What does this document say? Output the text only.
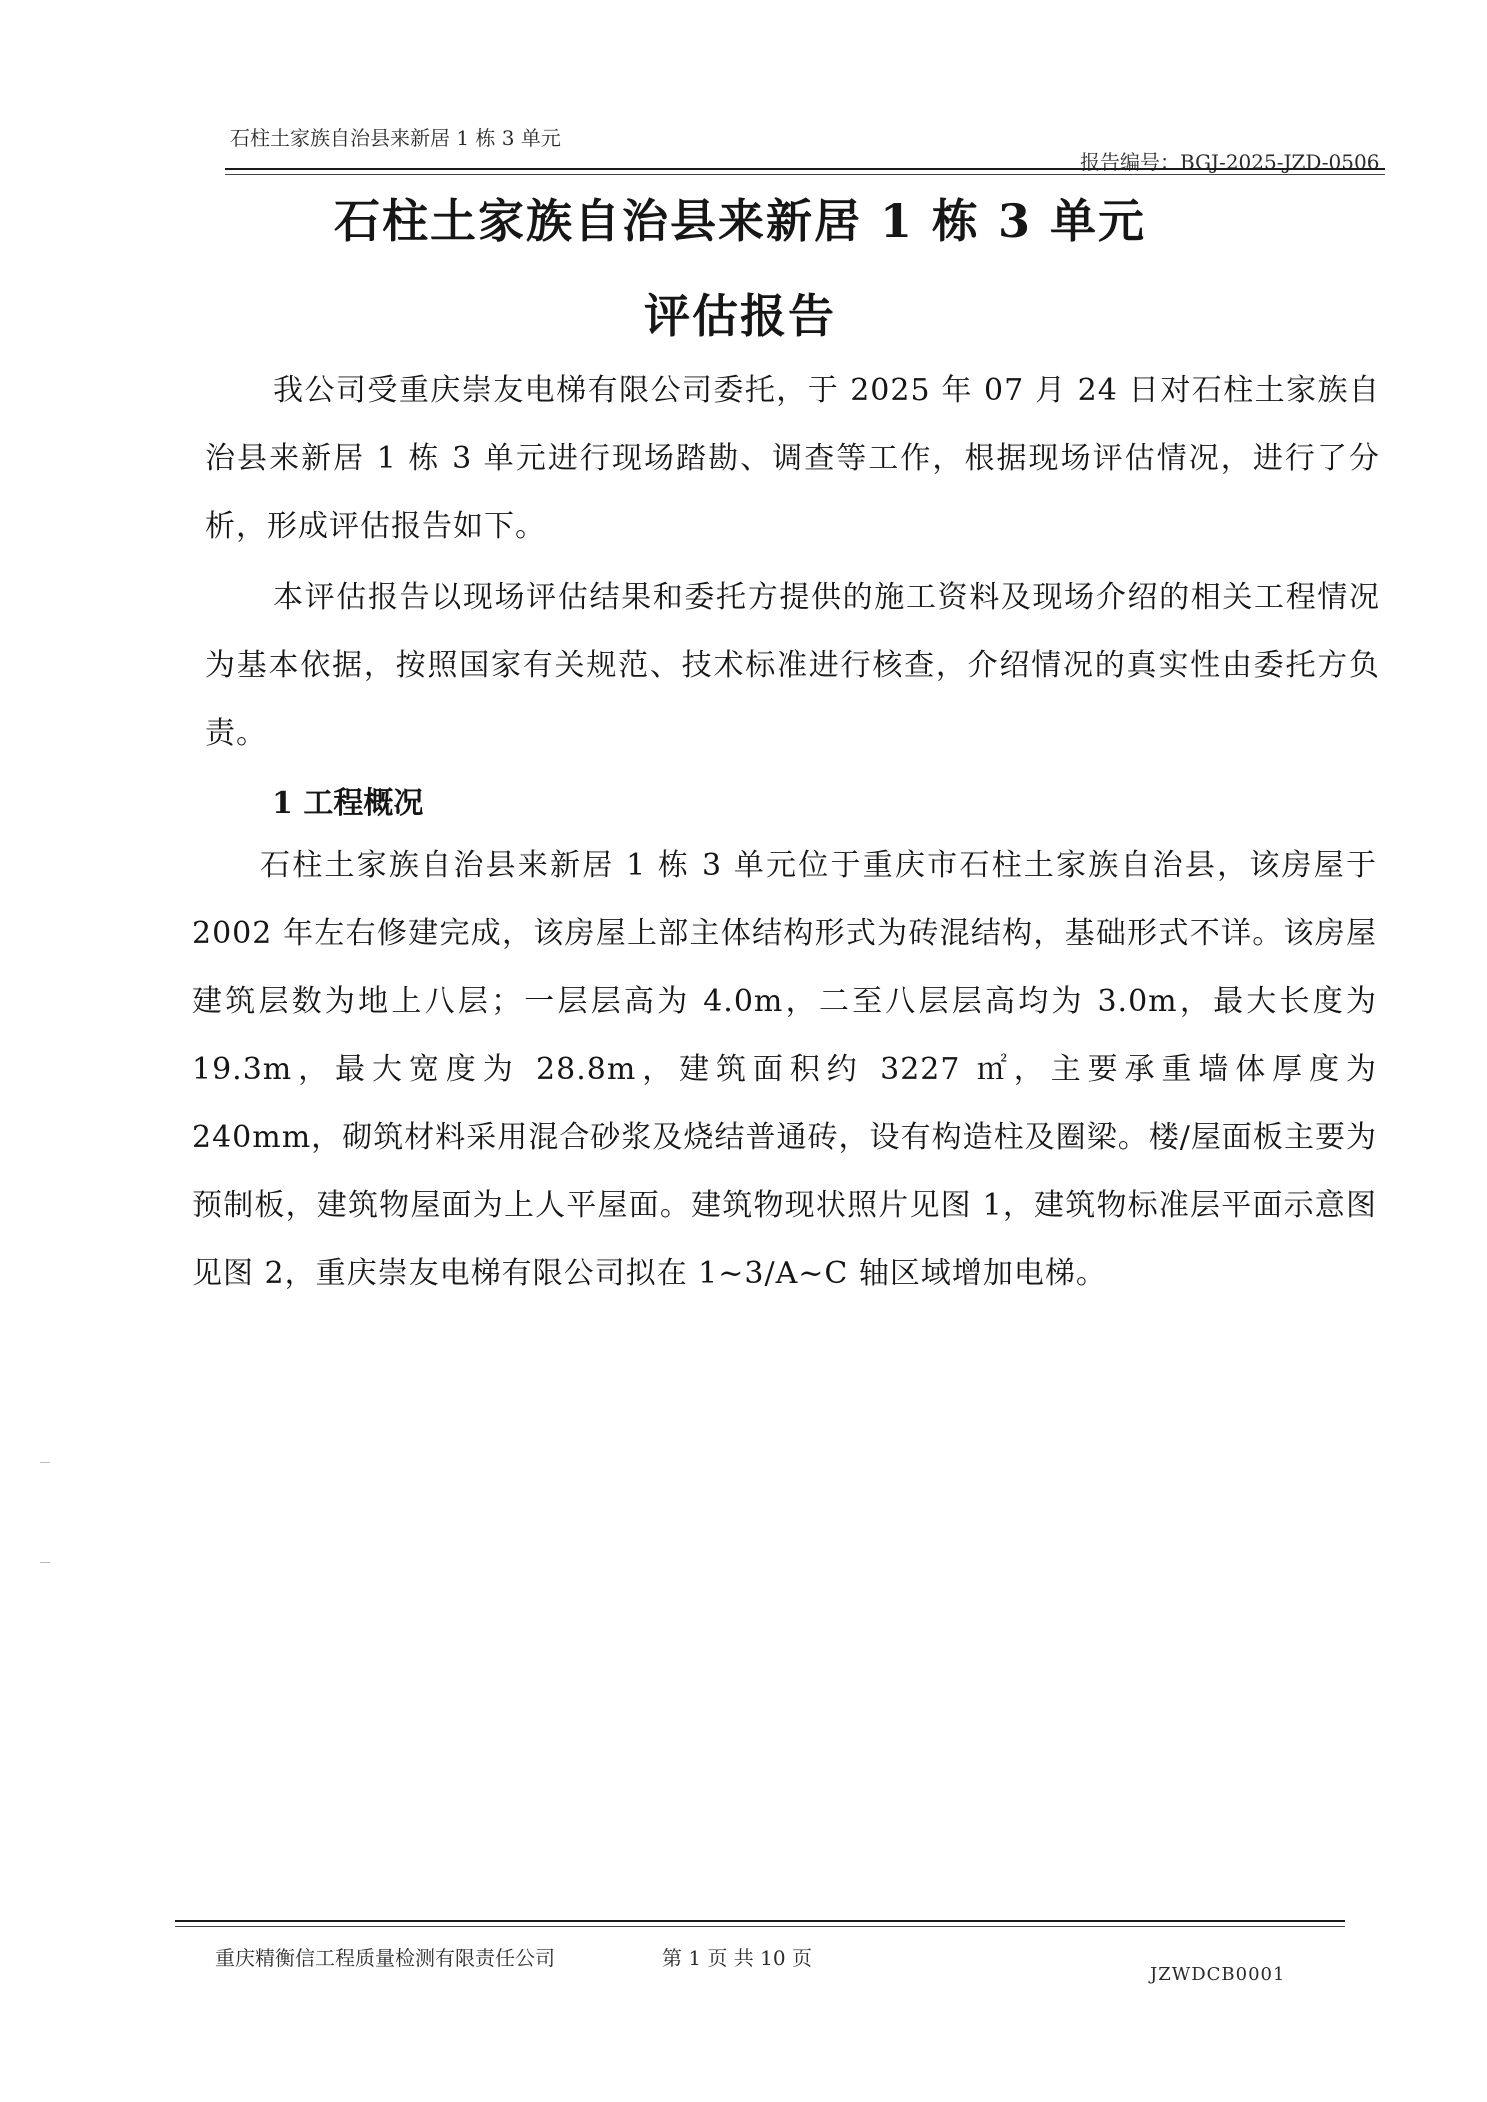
石柱土家族自治县来新居 1 栋 3 单元
报告编号：BGJ-2025-JZD-0506
石柱土家族自治县来新居 1 栋 3 单元
评估报告
我公司受重庆崇友电梯有限公司委托，于 2025 年 07 月 24 日对石柱土家族自治县来新居 1 栋 3 单元进行现场踏勘、调查等工作，根据现场评估情况，进行了分析，形成评估报告如下。
本评估报告以现场评估结果和委托方提供的施工资料及现场介绍的相关工程情况为基本依据，按照国家有关规范、技术标准进行核查，介绍情况的真实性由委托方负责。
1 工程概况
石柱土家族自治县来新居 1 栋 3 单元位于重庆市石柱土家族自治县，该房屋于 2002 年左右修建完成，该房屋上部主体结构形式为砖混结构，基础形式不详。该房屋建筑层数为地上八层；一层层高为 4.0m，二至八层层高均为 3.0m，最大长度为 19.3m，最大宽度为 28.8m，建筑面积约 3227 ㎡，主要承重墙体厚度为 240mm，砌筑材料采用混合砂浆及烧结普通砖，设有构造柱及圈梁。楼/屋面板主要为预制板，建筑物屋面为上人平屋面。建筑物现状照片见图 1，建筑物标准层平面示意图见图 2，重庆崇友电梯有限公司拟在 1~3/A~C 轴区域增加电梯。
重庆精衡信工程质量检测有限责任公司	第 1 页 共 10 页
JZWDCB0001
